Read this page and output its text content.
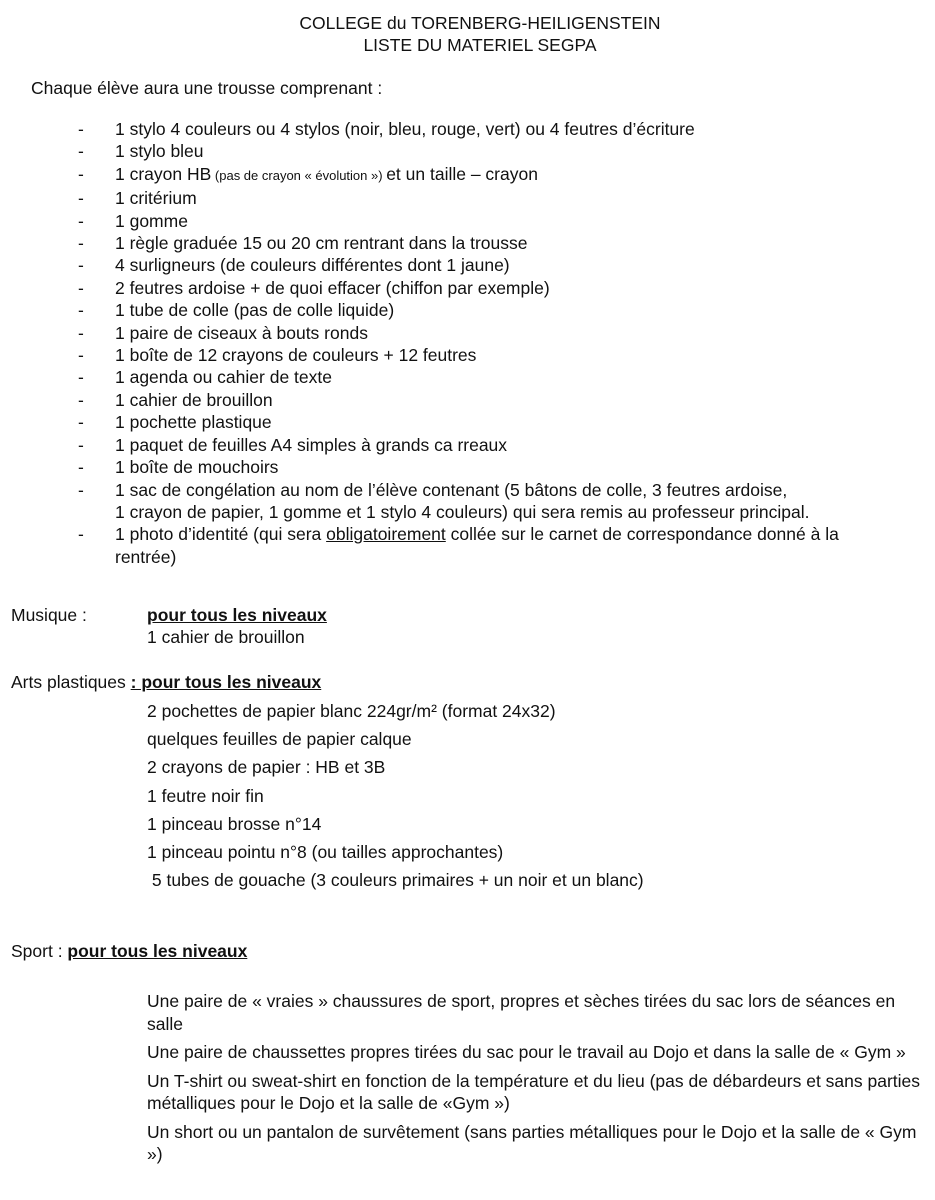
COLLEGE du TORENBERG-HEILIGENSTEIN
LISTE DU MATERIEL SEGPA
Chaque élève aura une trousse comprenant :
- 1 stylo 4 couleurs ou 4 stylos (noir, bleu, rouge, vert) ou 4 feutres d’écriture
- 1 stylo bleu
- 1 crayon HB (pas de crayon « évolution ») et un taille – crayon
- 1 critérium
- 1 gomme
- 1 règle graduée 15 ou 20 cm rentrant dans la trousse
- 4 surligneurs (de couleurs différentes dont 1 jaune)
- 2 feutres ardoise + de quoi effacer (chiffon par exemple)
- 1 tube de colle (pas de colle liquide)
- 1 paire de ciseaux à bouts ronds
- 1 boîte de 12 crayons de couleurs + 12 feutres
- 1 agenda ou cahier de texte
- 1 cahier de brouillon
- 1 pochette plastique
- 1 paquet de feuilles A4 simples à grands ca rreaux
- 1 boîte de mouchoirs
- 1 sac de congélation au nom de l’élève contenant (5 bâtons de colle, 3 feutres ardoise,
1 crayon de papier, 1 gomme et 1 stylo 4 couleurs) qui sera remis au professeur principal.
- 1 photo d’identité (qui sera obligatoirement collée sur le carnet de correspondance donné à la
rentrée)
Musique :	pour tous les niveaux
1 cahier de brouillon
Arts plastiques : pour tous les niveaux
2 pochettes de papier blanc 224gr/m² (format 24x32)
quelques feuilles de papier calque
2 crayons de papier : HB et 3B
1 feutre noir fin
1 pinceau brosse n°14
1 pinceau pointu n°8 (ou tailles approchantes)
5 tubes de gouache (3 couleurs primaires + un noir et un blanc)
Sport : pour tous les niveaux

Une paire de « vraies » chaussures de sport, propres et sèches tirées du sac lors de séances en salle

Une paire de chaussettes propres tirées du sac pour le travail au Dojo et dans la salle de « Gym »

Un T-shirt ou sweat-shirt en fonction de la température et du lieu (pas de débardeurs et sans parties métalliques pour le Dojo et la salle de «Gym »)

Un short ou un pantalon de survêtement (sans parties métalliques pour le Dojo et la salle de « Gym »)
